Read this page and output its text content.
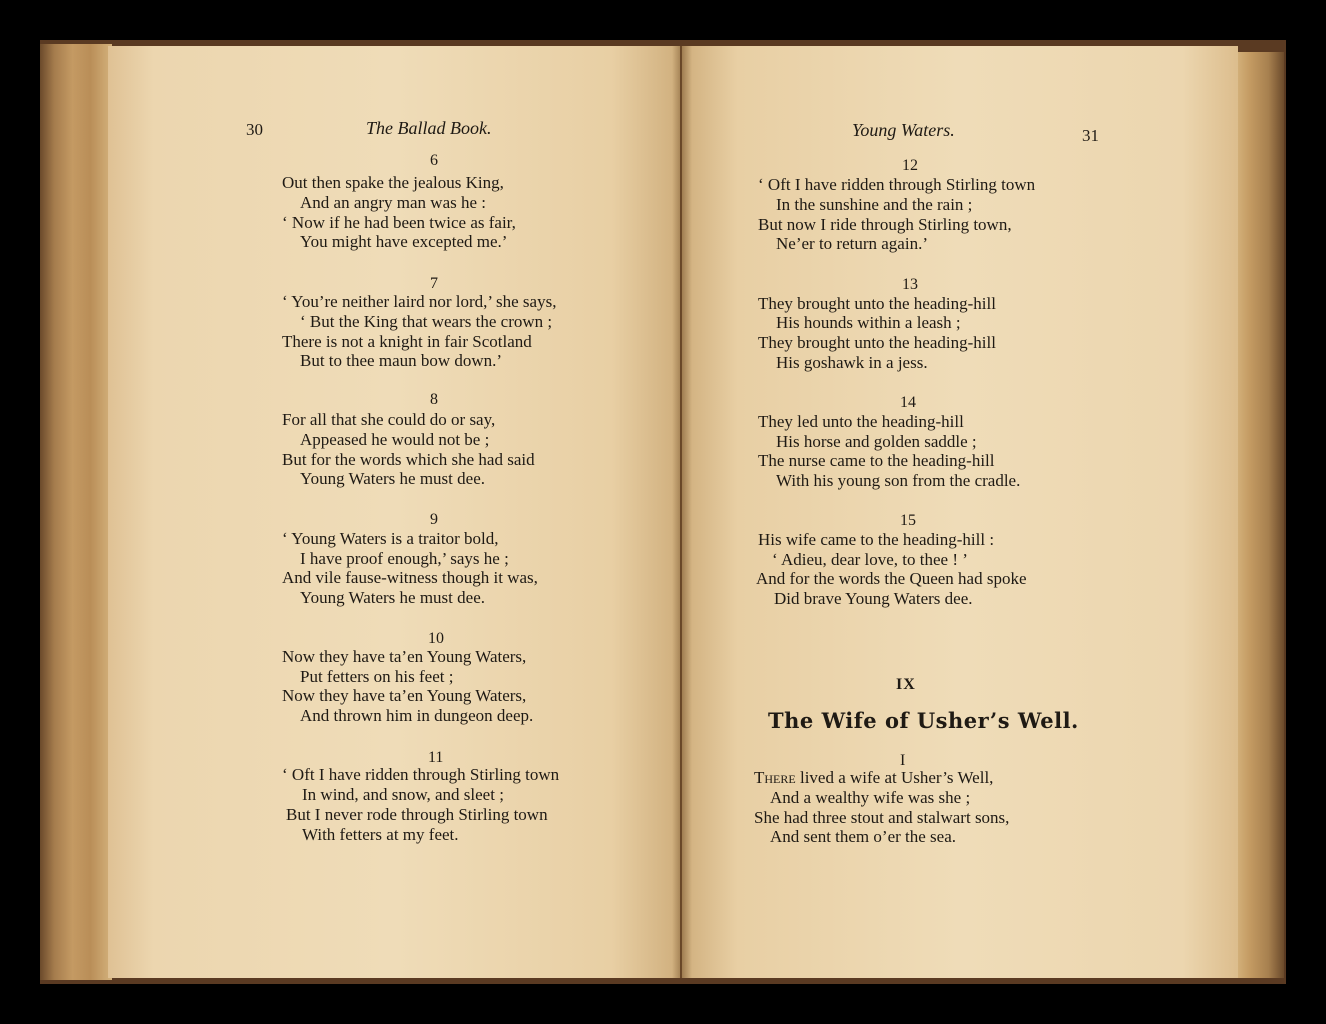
30	The Ballad Book.
6
Out then spake the jealous King,
And an angry man was he :
‘ Now if he had been twice as fair,
You might have excepted me.’
7
‘ You’re neither laird nor lord,’ she says,
‘ But the King that wears the crown ;
There is not a knight in fair Scotland
But to thee maun bow down.’
8
For all that she could do or say,
Appeased he would not be ;
But for the words which she had said
Young Waters he must dee.
9
‘ Young Waters is a traitor bold,
I have proof enough,’ says he ;
And vile fause-witness though it was,
Young Waters he must dee.
10
Now they have ta’en Young Waters,
Put fetters on his feet ;
Now they have ta’en Young Waters,
And thrown him in dungeon deep.
11
‘ Oft I have ridden through Stirling town
In wind, and snow, and sleet ;
But I never rode through Stirling town
With fetters at my feet.
Young Waters.	31
12
‘ Oft I have ridden through Stirling town
In the sunshine and the rain ;
But now I ride through Stirling town,
Ne’er to return again.’
13
They brought unto the heading-hill
His hounds within a leash ;
They brought unto the heading-hill
His goshawk in a jess.
14
They led unto the heading-hill
His horse and golden saddle ;
The nurse came to the heading-hill
With his young son from the cradle.
15
His wife came to the heading-hill :
‘ Adieu, dear love, to thee ! ’
And for the words the Queen had spoke
Did brave Young Waters dee.
IX
The Wife of Usher’s Well.
I
There lived a wife at Usher’s Well,
And a wealthy wife was she ;
She had three stout and stalwart sons,
And sent them o’er the sea.
